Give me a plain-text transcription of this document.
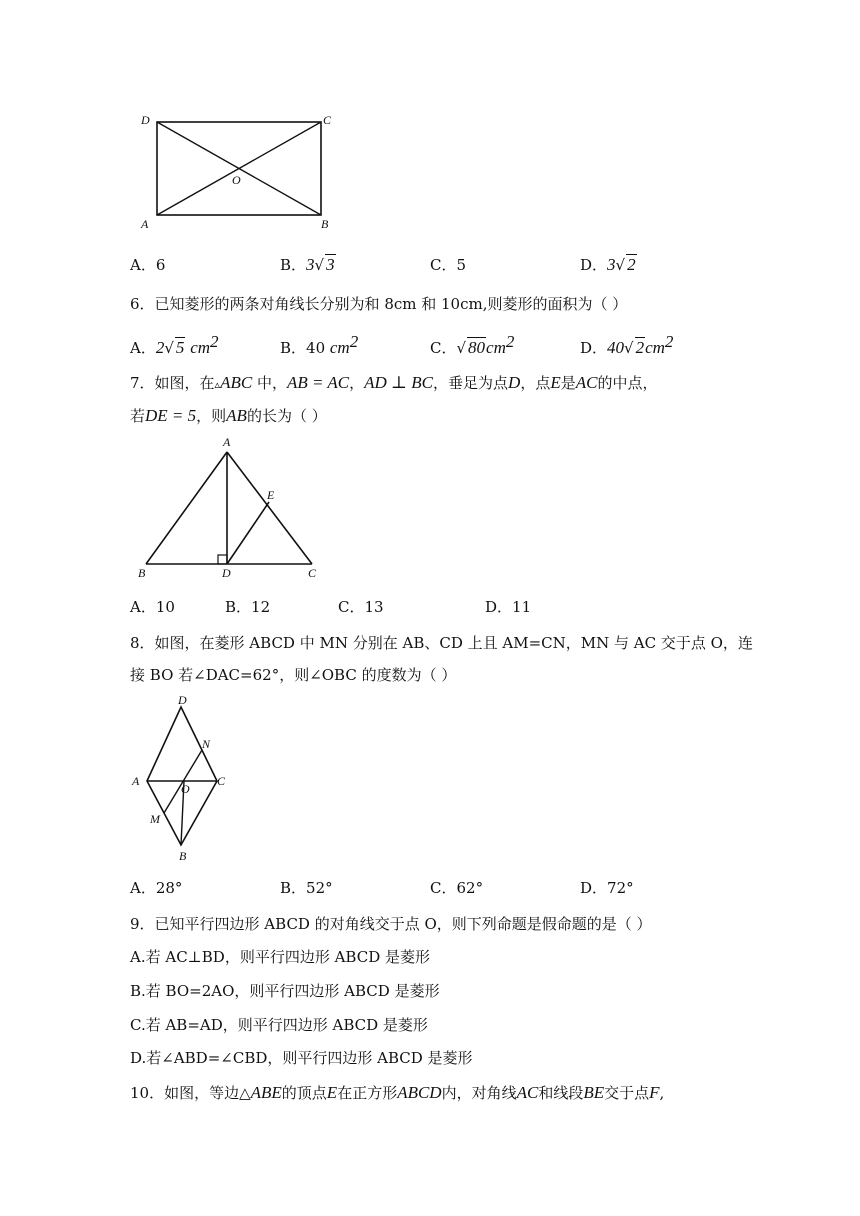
D	C
O
A	B
A．6	B．3√ 3	C．5	D．3√ 2
6．已知菱形的两条对角线长分别为和 8cm 和 10cm,则菱形的面积为（ ）
A．2√ 5 $cm^2$	B．40 $cm^2$	C．√ $80cm^2$	D．40√ $2cm^2$
7．如图，在▵ABC 中，AB = AC，AD ⊥ BC，垂足为点D，点E是AC的中点，
若DE = 5，则AB的长为（ ）
A
E
B	D	C
A．10	B．12	C．13	D．11
8．如图，在菱形 ABCD 中 MN 分别在 AB、CD 上且 AM=CN，MN 与 AC 交于点 O，连
接 BO 若∠DAC=62°，则∠OBC 的度数为（ ）
D
N
A
O
C
M
B
A．28°	B．52°	C．62°	D．72°
9．已知平行四边形 ABCD 的对角线交于点 O，则下列命题是假命题的是（ ）
A.若 AC⊥BD，则平行四边形 ABCD 是菱形
B.若 BO=2AO，则平行四边形 ABCD 是菱形
C.若 AB=AD，则平行四边形 ABCD 是菱形
D.若∠ABD=∠CBD，则平行四边形 ABCD 是菱形
10．如图，等边△ABE的顶点E在正方形ABCD内，对角线AC和线段BE交于点F,
